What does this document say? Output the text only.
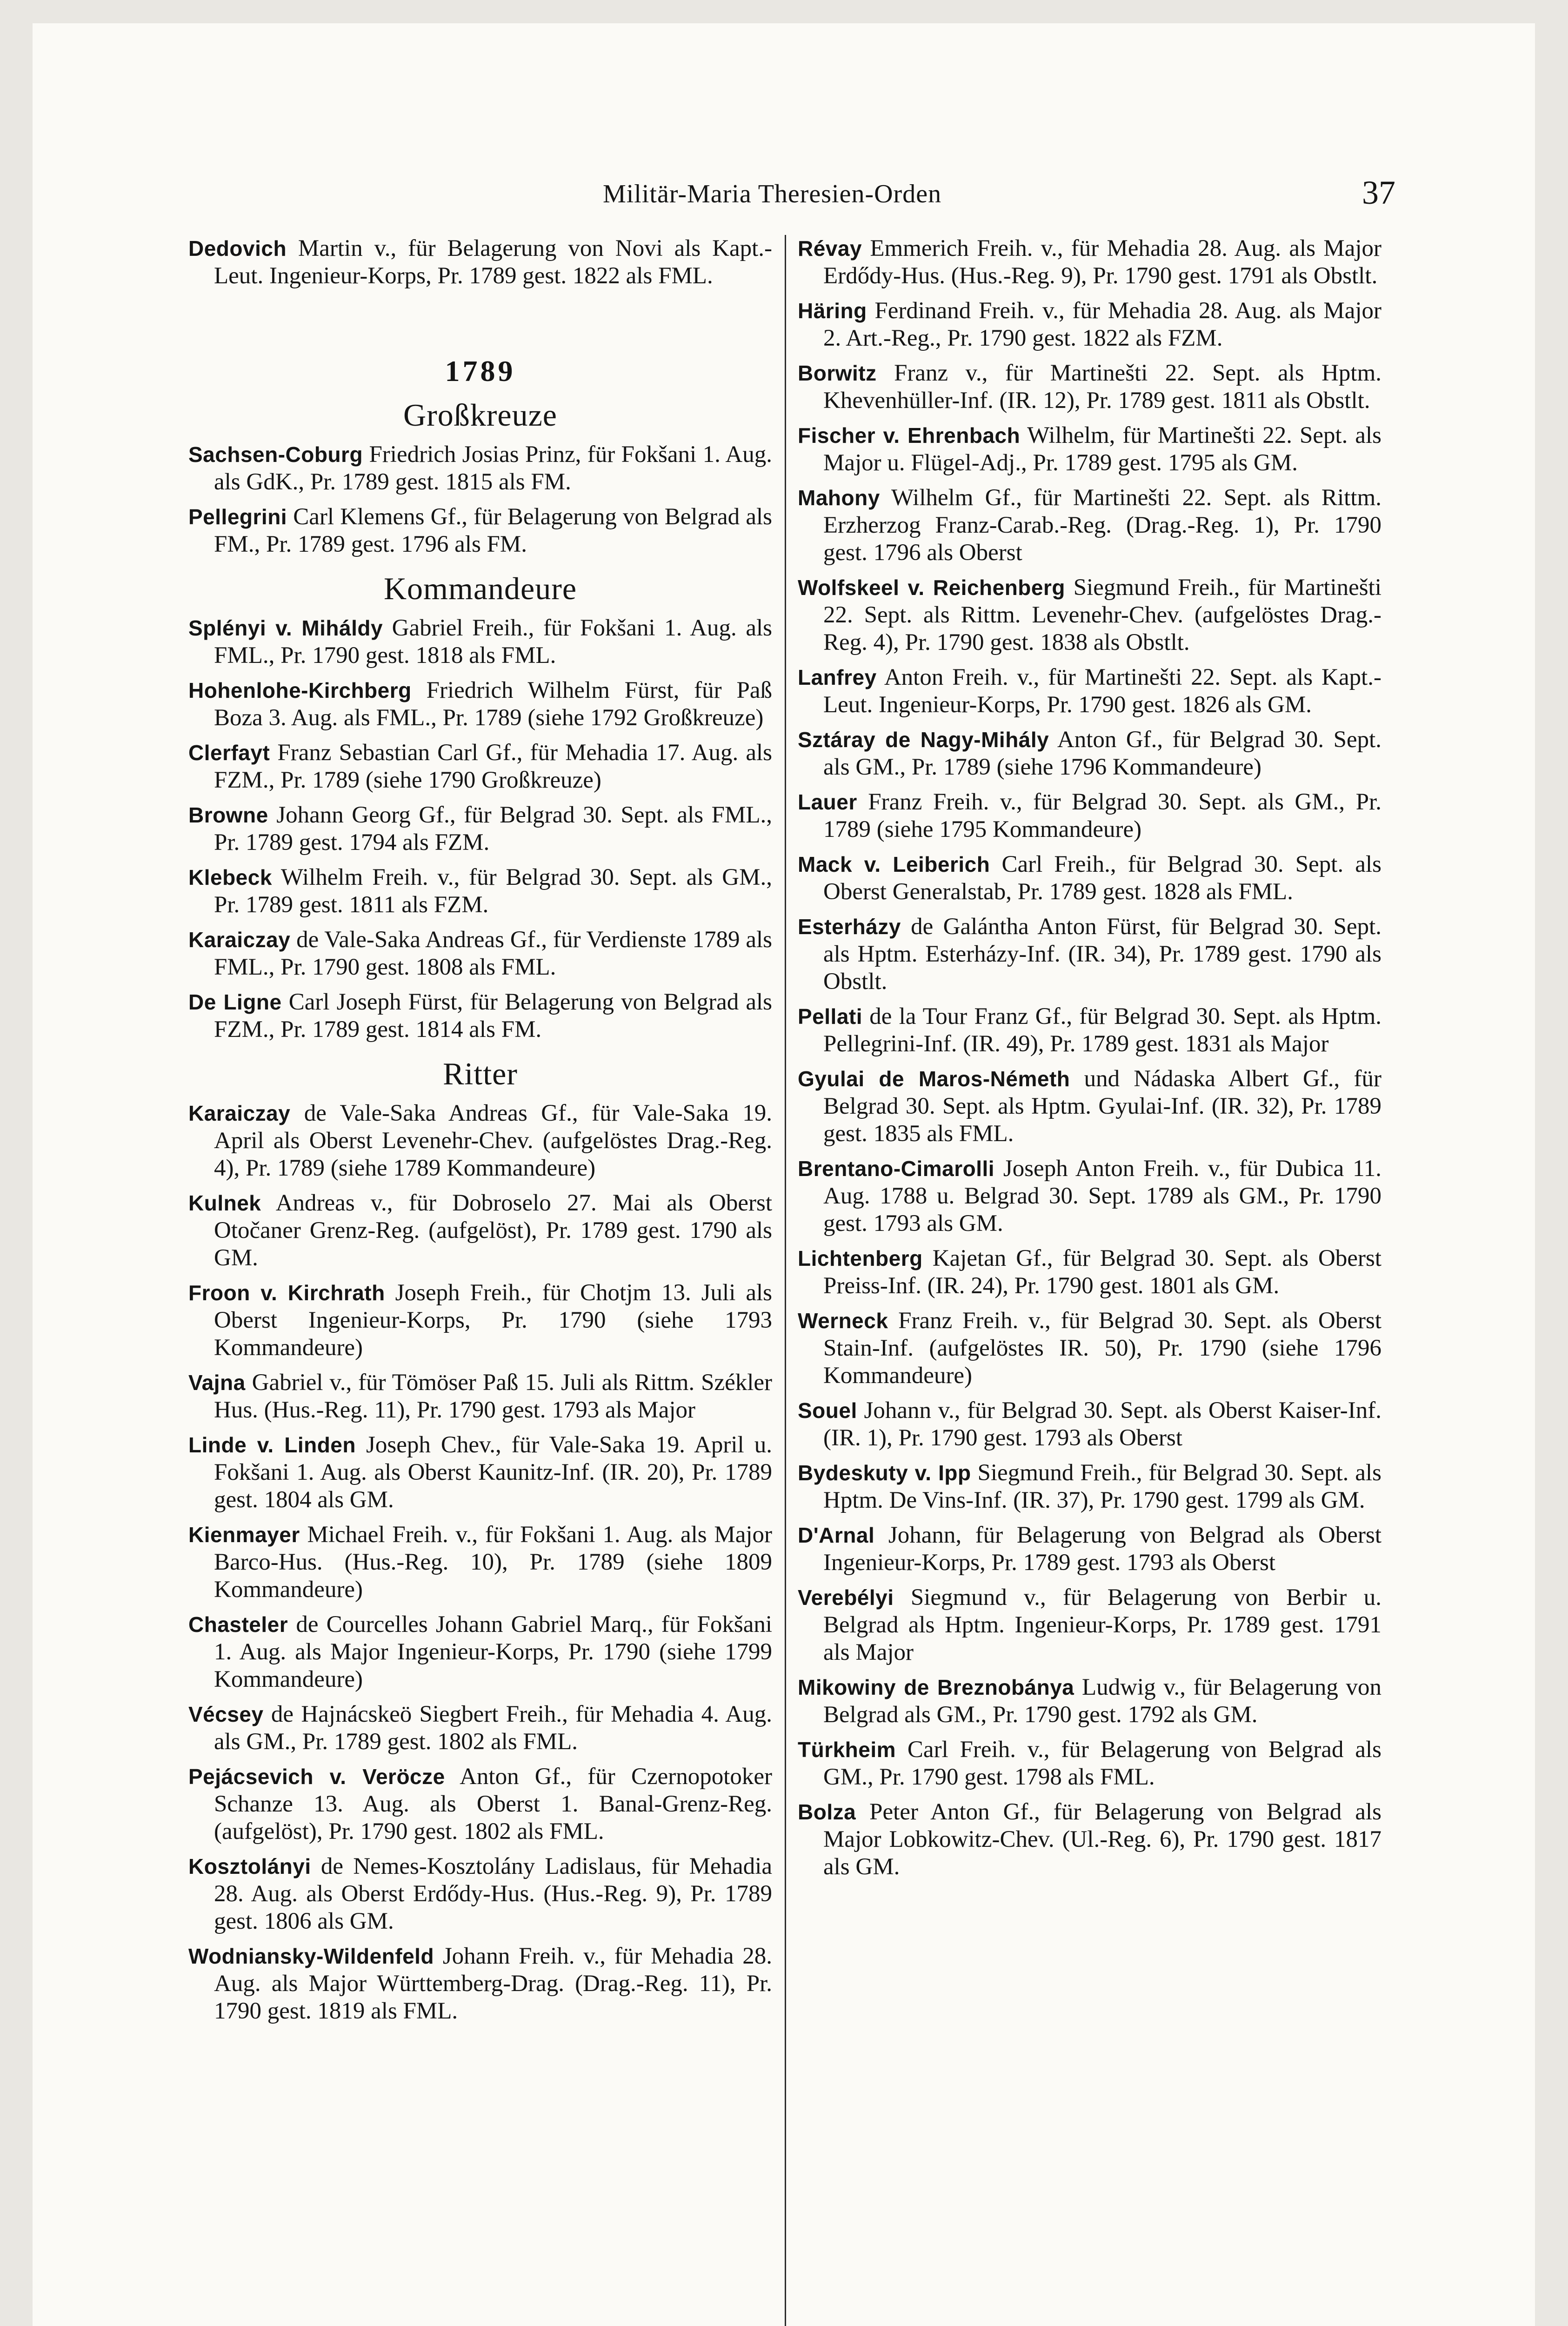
Militär-Maria Theresien-Orden	37
Dedovich Martin v., für Belagerung von Novi als Kapt.-Leut. Ingenieur-Korps, Pr. 1789 gest. 1822 als FML.
1789
Großkreuze
Sachsen-Coburg Friedrich Josias Prinz, für Fokšani 1. Aug. als GdK., Pr. 1789 gest. 1815 als FM.
Pellegrini Carl Klemens Gf., für Belagerung von Belgrad als FM., Pr. 1789 gest. 1796 als FM.
Kommandeure
Splényi v. Miháldy Gabriel Freih., für Fokšani 1. Aug. als FML., Pr. 1790 gest. 1818 als FML.
Hohenlohe-Kirchberg Friedrich Wilhelm Fürst, für Paß Boza 3. Aug. als FML., Pr. 1789 (siehe 1792 Großkreuze)
Clerfayt Franz Sebastian Carl Gf., für Mehadia 17. Aug. als FZM., Pr. 1789 (siehe 1790 Großkreuze)
Browne Johann Georg Gf., für Belgrad 30. Sept. als FML., Pr. 1789 gest. 1794 als FZM.
Klebeck Wilhelm Freih. v., für Belgrad 30. Sept. als GM., Pr. 1789 gest. 1811 als FZM.
Karaiczay de Vale-Saka Andreas Gf., für Verdienste 1789 als FML., Pr. 1790 gest. 1808 als FML.
De Ligne Carl Joseph Fürst, für Belagerung von Belgrad als FZM., Pr. 1789 gest. 1814 als FM.
Ritter
Karaiczay de Vale-Saka Andreas Gf., für Vale-Saka 19. April als Oberst Levenehr-Chev. (aufgelöstes Drag.-Reg. 4), Pr. 1789 (siehe 1789 Kommandeure)
Kulnek Andreas v., für Dobroselo 27. Mai als Oberst Otočaner Grenz-Reg. (aufgelöst), Pr. 1789 gest. 1790 als GM.
Froon v. Kirchrath Joseph Freih., für Chotjm 13. Juli als Oberst Ingenieur-Korps, Pr. 1790 (siehe 1793 Kommandeure)
Vajna Gabriel v., für Tömöser Paß 15. Juli als Rittm. Székler Hus. (Hus.-Reg. 11), Pr. 1790 gest. 1793 als Major
Linde v. Linden Joseph Chev., für Vale-Saka 19. April u. Fokšani 1. Aug. als Oberst Kaunitz-Inf. (IR. 20), Pr. 1789 gest. 1804 als GM.
Kienmayer Michael Freih. v., für Fokšani 1. Aug. als Major Barco-Hus. (Hus.-Reg. 10), Pr. 1789 (siehe 1809 Kommandeure)
Chasteler de Courcelles Johann Gabriel Marq., für Fokšani 1. Aug. als Major Ingenieur-Korps, Pr. 1790 (siehe 1799 Kommandeure)
Vécsey de Hajnácskeö Siegbert Freih., für Mehadia 4. Aug. als GM., Pr. 1789 gest. 1802 als FML.
Pejácsevich v. Veröcze Anton Gf., für Czernopotoker Schanze 13. Aug. als Oberst 1. Banal-Grenz-Reg. (aufgelöst), Pr. 1790 gest. 1802 als FML.
Kosztolányi de Nemes-Kosztolány Ladislaus, für Mehadia 28. Aug. als Oberst Erdődy-Hus. (Hus.-Reg. 9), Pr. 1789 gest. 1806 als GM.
Wodniansky-Wildenfeld Johann Freih. v., für Mehadia 28. Aug. als Major Württemberg-Drag. (Drag.-Reg. 11), Pr. 1790 gest. 1819 als FML.
Révay Emmerich Freih. v., für Mehadia 28. Aug. als Major Erdődy-Hus. (Hus.-Reg. 9), Pr. 1790 gest. 1791 als Obstlt.
Häring Ferdinand Freih. v., für Mehadia 28. Aug. als Major 2. Art.-Reg., Pr. 1790 gest. 1822 als FZM.
Borwitz Franz v., für Martinešti 22. Sept. als Hptm. Khevenhüller-Inf. (IR. 12), Pr. 1789 gest. 1811 als Obstlt.
Fischer v. Ehrenbach Wilhelm, für Martinešti 22. Sept. als Major u. Flügel-Adj., Pr. 1789 gest. 1795 als GM.
Mahony Wilhelm Gf., für Martinešti 22. Sept. als Rittm. Erzherzog Franz-Carab.-Reg. (Drag.-Reg. 1), Pr. 1790 gest. 1796 als Oberst
Wolfskeel v. Reichenberg Siegmund Freih., für Martinešti 22. Sept. als Rittm. Levenehr-Chev. (aufgelöstes Drag.-Reg. 4), Pr. 1790 gest. 1838 als Obstlt.
Lanfrey Anton Freih. v., für Martinešti 22. Sept. als Kapt.-Leut. Ingenieur-Korps, Pr. 1790 gest. 1826 als GM.
Sztáray de Nagy-Mihály Anton Gf., für Belgrad 30. Sept. als GM., Pr. 1789 (siehe 1796 Kommandeure)
Lauer Franz Freih. v., für Belgrad 30. Sept. als GM., Pr. 1789 (siehe 1795 Kommandeure)
Mack v. Leiberich Carl Freih., für Belgrad 30. Sept. als Oberst Generalstab, Pr. 1789 gest. 1828 als FML.
Esterházy de Galántha Anton Fürst, für Belgrad 30. Sept. als Hptm. Esterházy-Inf. (IR. 34), Pr. 1789 gest. 1790 als Obstlt.
Pellati de la Tour Franz Gf., für Belgrad 30. Sept. als Hptm. Pellegrini-Inf. (IR. 49), Pr. 1789 gest. 1831 als Major
Gyulai de Maros-Németh und Nádaska Albert Gf., für Belgrad 30. Sept. als Hptm. Gyulai-Inf. (IR. 32), Pr. 1789 gest. 1835 als FML.
Brentano-Cimarolli Joseph Anton Freih. v., für Dubica 11. Aug. 1788 u. Belgrad 30. Sept. 1789 als GM., Pr. 1790 gest. 1793 als GM.
Lichtenberg Kajetan Gf., für Belgrad 30. Sept. als Oberst Preiss-Inf. (IR. 24), Pr. 1790 gest. 1801 als GM.
Werneck Franz Freih. v., für Belgrad 30. Sept. als Oberst Stain-Inf. (aufgelöstes IR. 50), Pr. 1790 (siehe 1796 Kommandeure)
Souel Johann v., für Belgrad 30. Sept. als Oberst Kaiser-Inf. (IR. 1), Pr. 1790 gest. 1793 als Oberst
Bydeskuty v. Ipp Siegmund Freih., für Belgrad 30. Sept. als Hptm. De Vins-Inf. (IR. 37), Pr. 1790 gest. 1799 als GM.
D'Arnal Johann, für Belagerung von Belgrad als Oberst Ingenieur-Korps, Pr. 1789 gest. 1793 als Oberst
Verebélyi Siegmund v., für Belagerung von Berbir u. Belgrad als Hptm. Ingenieur-Korps, Pr. 1789 gest. 1791 als Major
Mikowiny de Breznobánya Ludwig v., für Belagerung von Belgrad als GM., Pr. 1790 gest. 1792 als GM.
Türkheim Carl Freih. v., für Belagerung von Belgrad als GM., Pr. 1790 gest. 1798 als FML.
Bolza Peter Anton Gf., für Belagerung von Belgrad als Major Lobkowitz-Chev. (Ul.-Reg. 6), Pr. 1790 gest. 1817 als GM.
